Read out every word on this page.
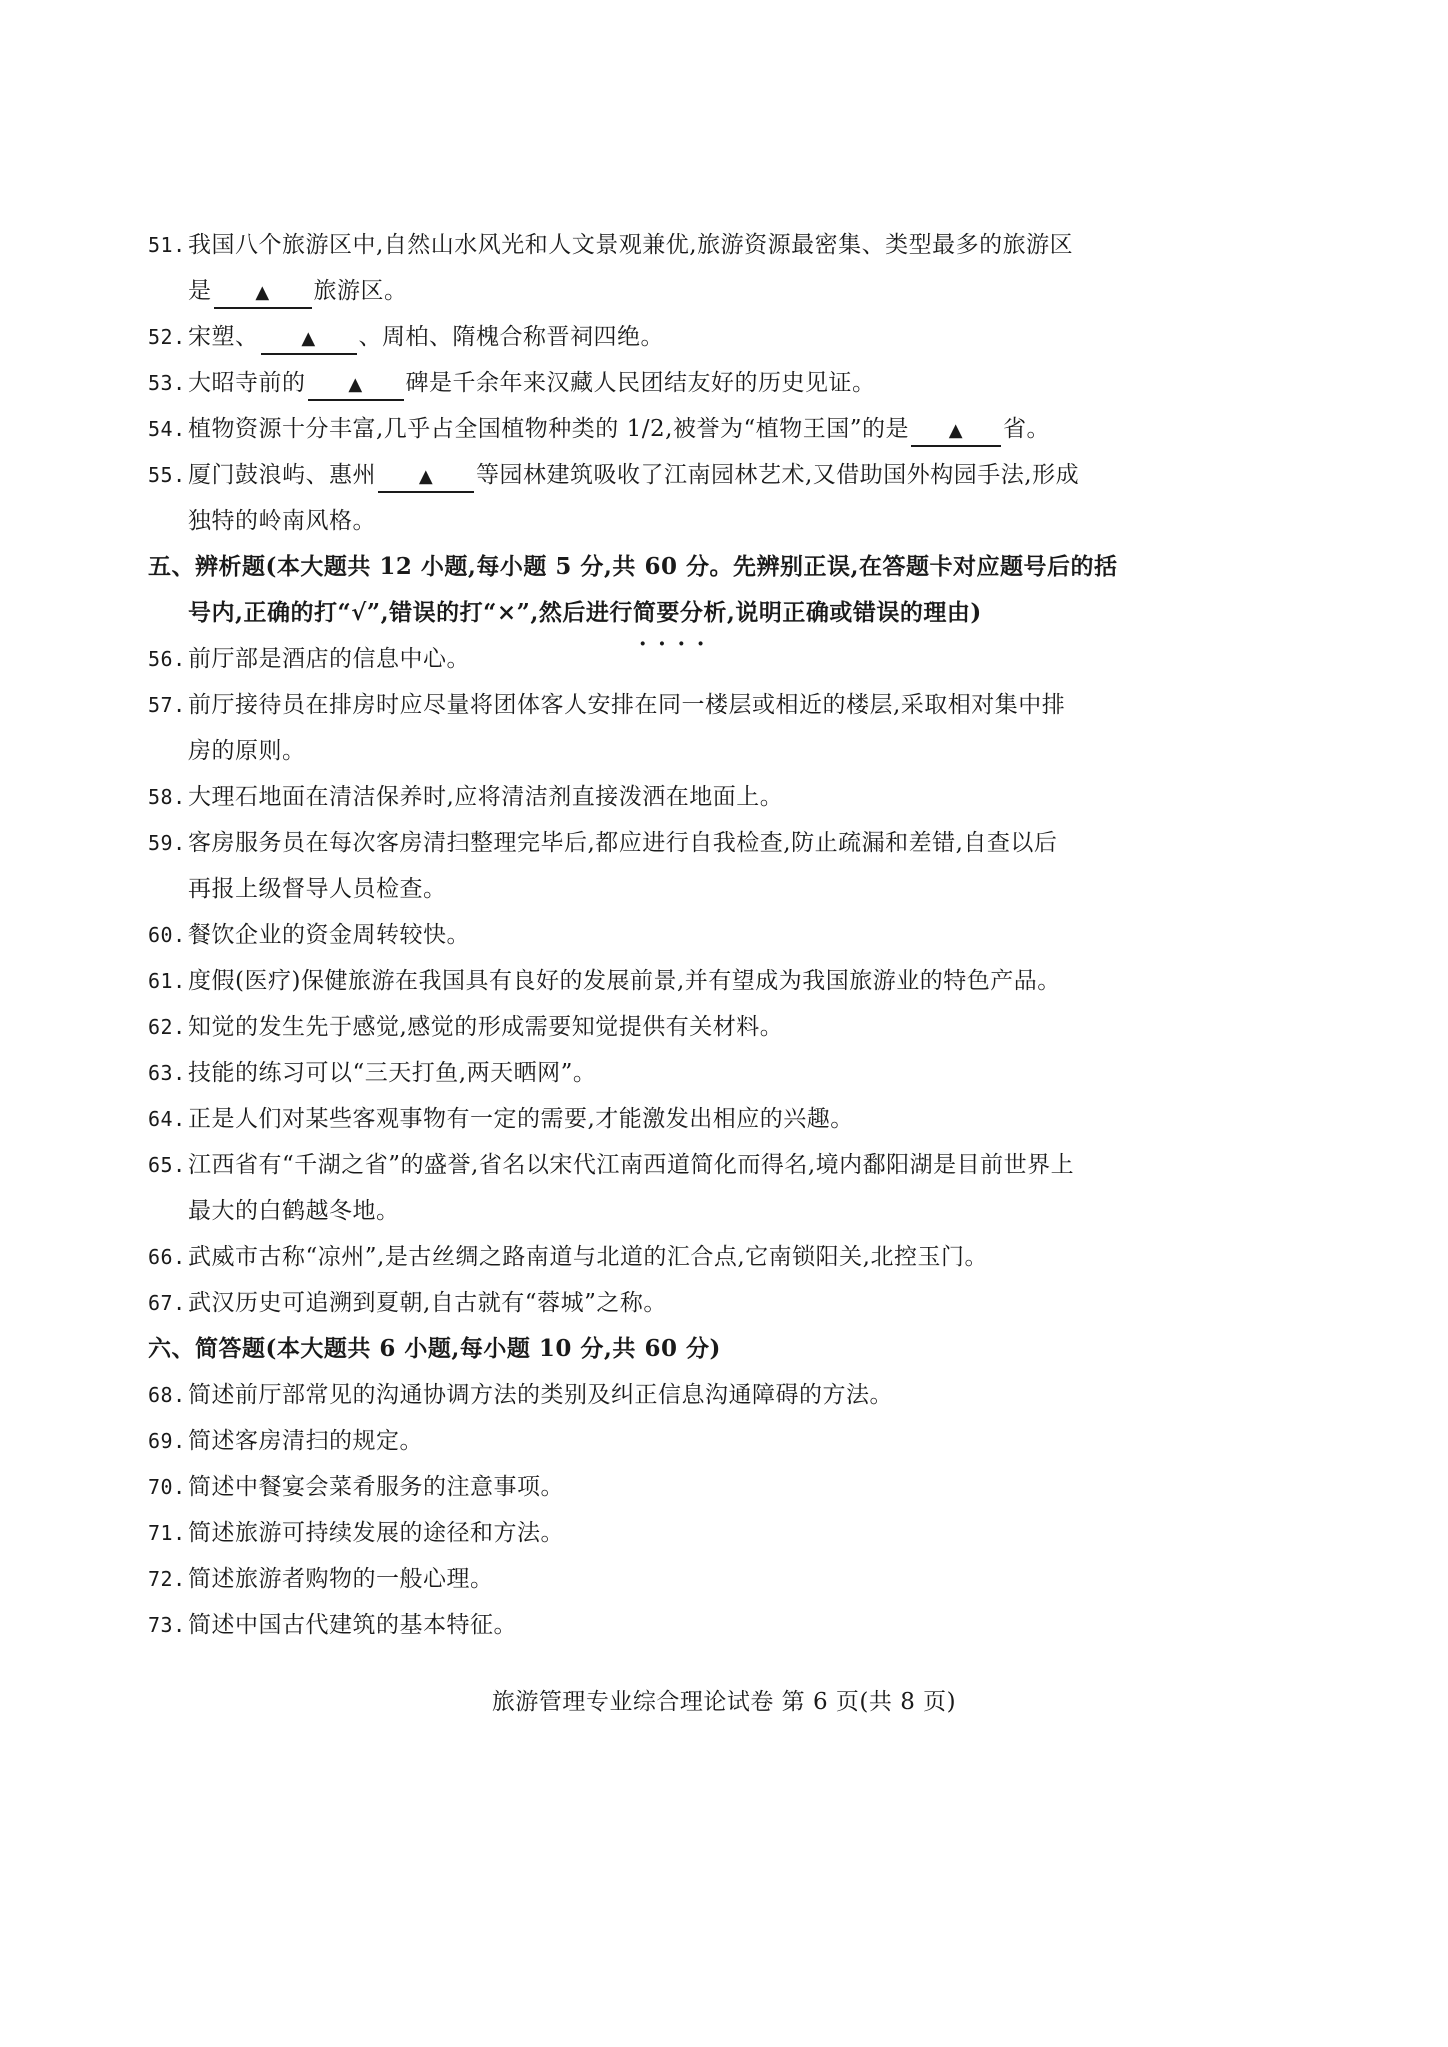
51. 我国八个旅游区中,自然山水风光和人文景观兼优,旅游资源最密集、类型最多的旅游区
是 ▲ 旅游区。
52. 宋塑、 ▲ 、周柏、隋槐合称晋祠四绝。
53. 大昭寺前的 ▲ 碑是千余年来汉藏人民团结友好的历史见证。
54. 植物资源十分丰富,几乎占全国植物种类的 1/2,被誉为“植物王国”的是 ▲ 省。
55. 厦门鼓浪屿、惠州 ▲ 等园林建筑吸收了江南园林艺术,又借助国外构园手法,形成
独特的岭南风格。
五、辨析题(本大题共 12 小题,每小题 5 分,共 60 分。先辨别正误,在答题卡对应题号后的括
号内,正确的打“√”,错误的打“×”,然后进行简要分析 · · ,说明正确或错误的理由)
56. 前厅部是酒店的信息中心。
57. 前厅接待员在排房时应尽量将团体客人安排在同一楼层或相近的楼层,采取相对集中排
房的原则。
58. 大理石地面在清洁保养时,应将清洁剂直接泼洒在地面上。
59. 客房服务员在每次客房清扫整理完毕后,都应进行自我检查,防止疏漏和差错,自查以后
再报上级督导人员检查。
60. 餐饮企业的资金周转较快。
61. 度假(医疗)保健旅游在我国具有良好的发展前景,并有望成为我国旅游业的特色产品。
62. 知觉的发生先于感觉,感觉的形成需要知觉提供有关材料。
63. 技能的练习可以“三天打鱼,两天晒网”。
64. 正是人们对某些客观事物有一定的需要,才能激发出相应的兴趣。
65. 江西省有“千湖之省”的盛誉,省名以宋代江南西道简化而得名,境内鄱阳湖是目前世界上
最大的白鹤越冬地。
66. 武威市古称“凉州”,是古丝绸之路南道与北道的汇合点,它南锁阳关,北控玉门。
67. 武汉历史可追溯到夏朝,自古就有“蓉城”之称。
六、简答题(本大题共 6 小题,每小题 10 分,共 60 分)
68. 简述前厅部常见的沟通协调方法的类别及纠正信息沟通障碍的方法。
69. 简述客房清扫的规定。
70. 简述中餐宴会菜肴服务的注意事项。
71. 简述旅游可持续发展的途径和方法。
72. 简述旅游者购物的一般心理。
73. 简述中国古代建筑的基本特征。
旅游管理专业综合理论试卷 第 6 页(共 8 页)
